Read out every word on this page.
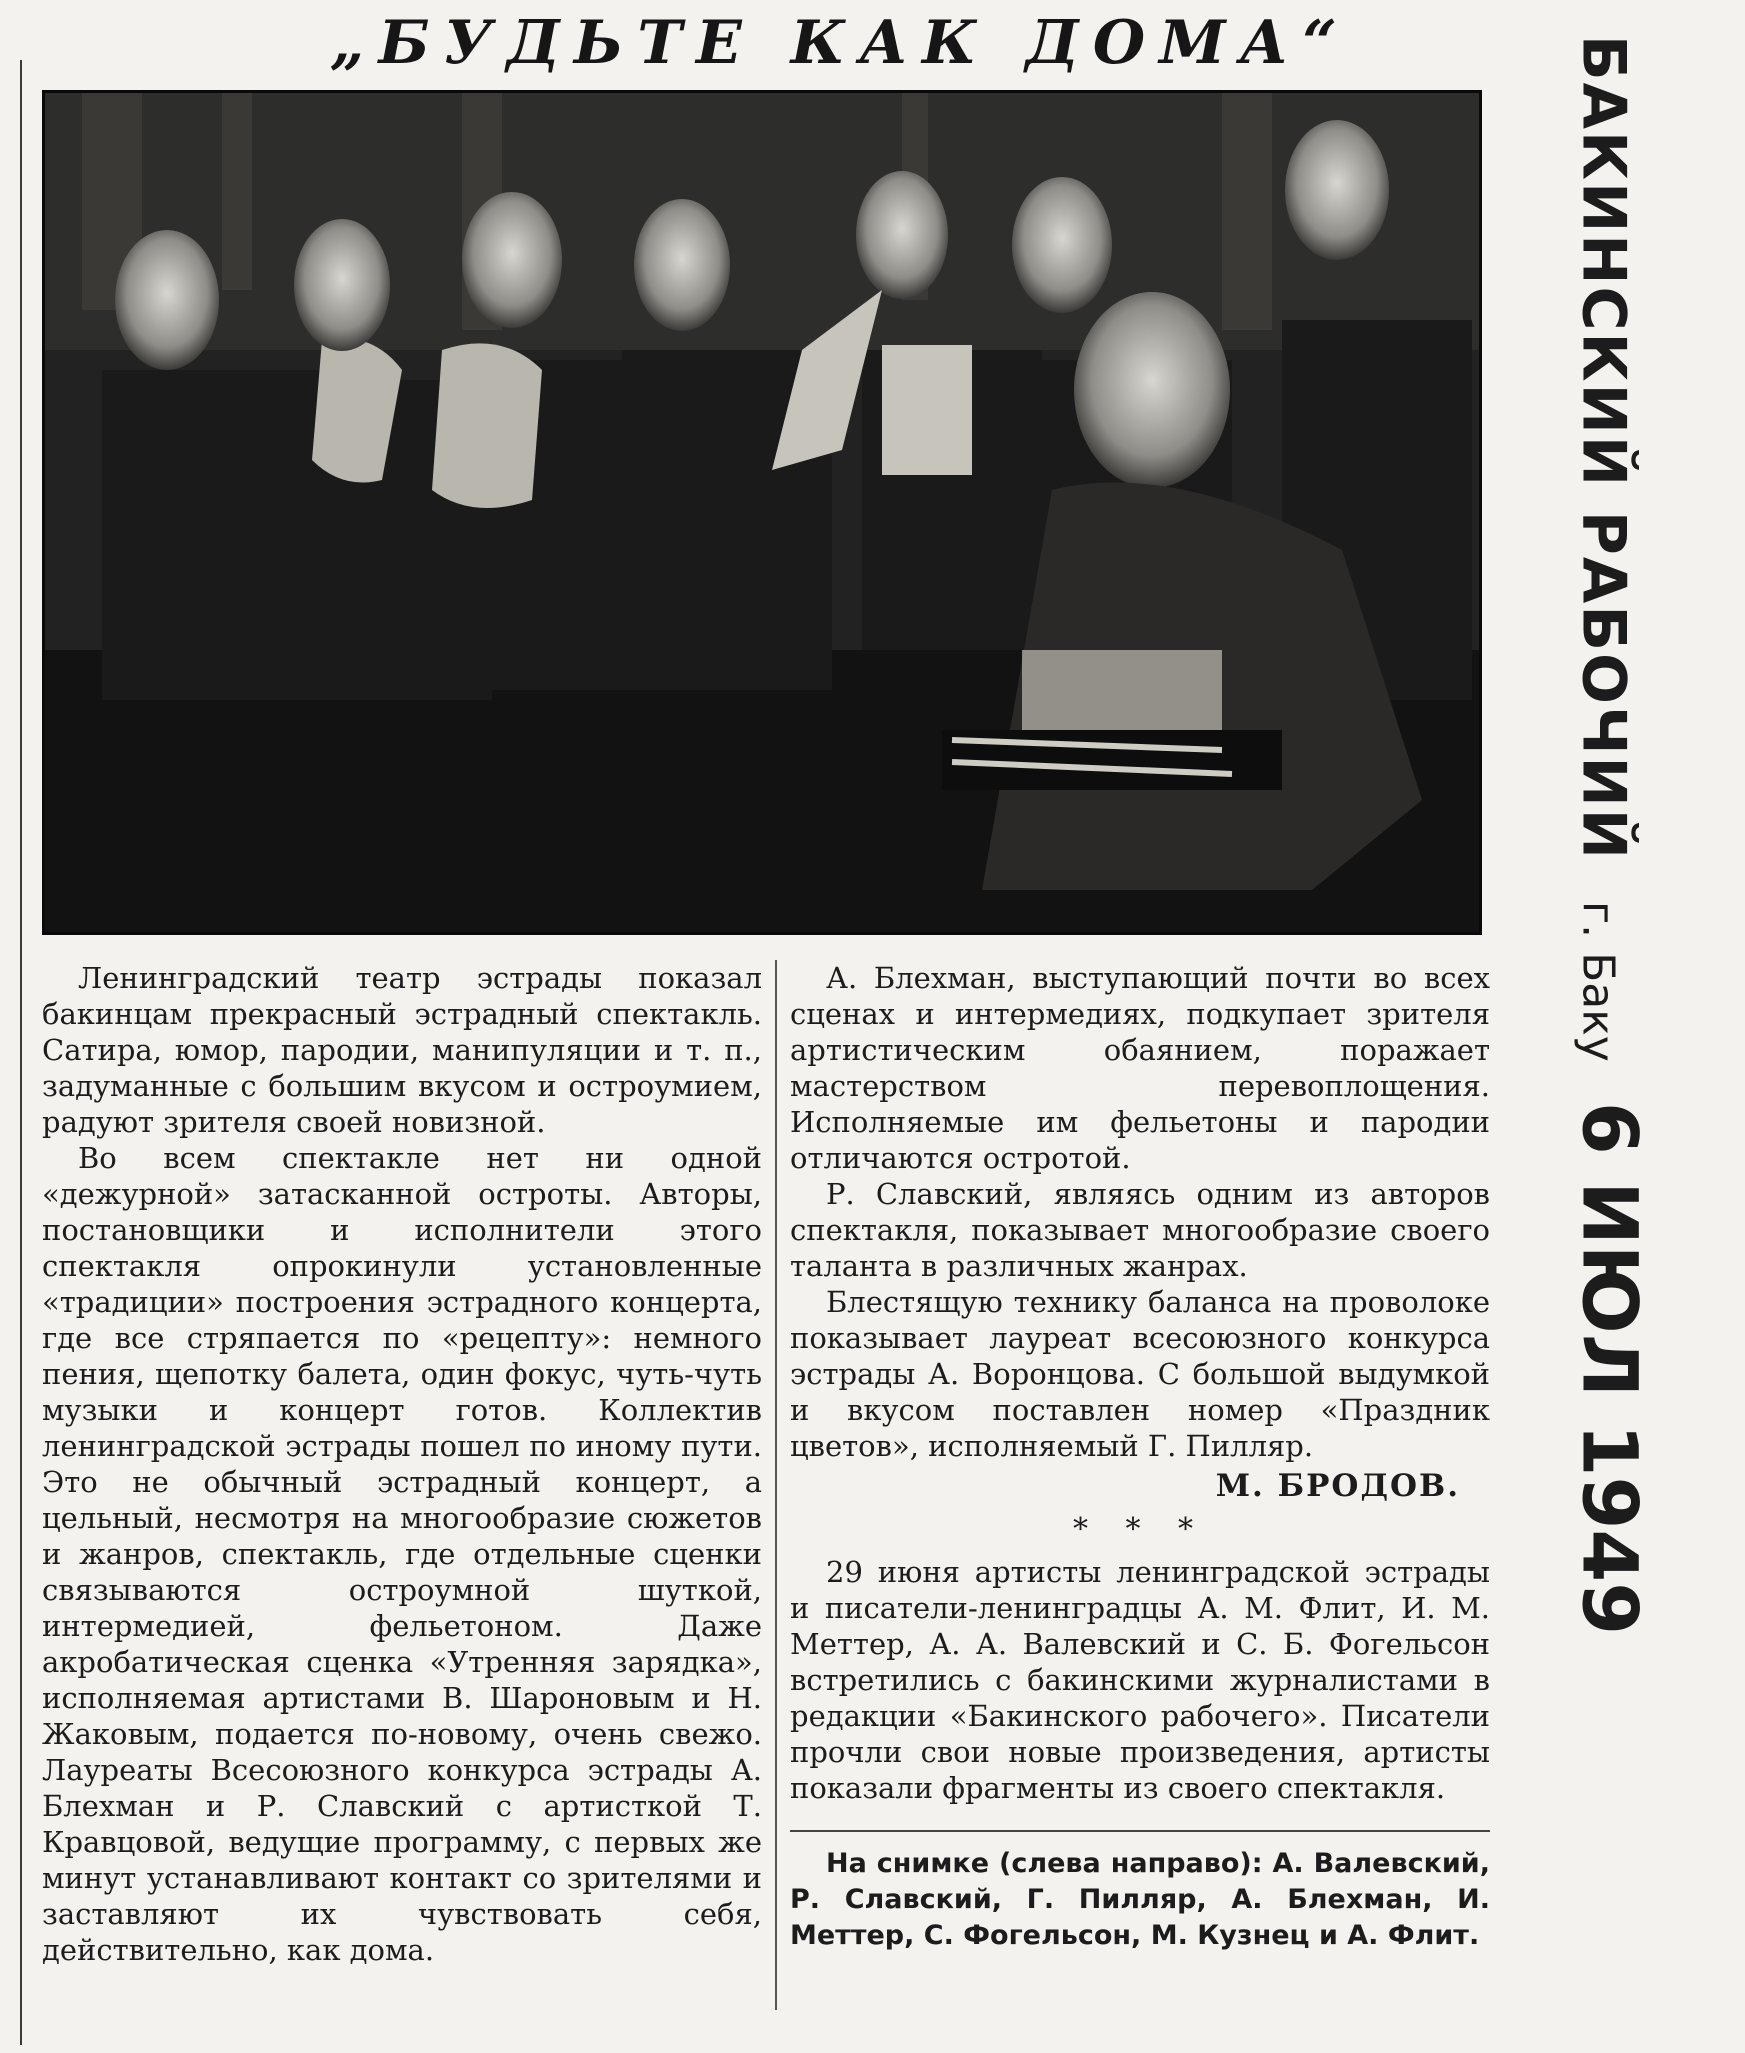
„БУДЬТЕ КАК ДОМА“	БАКИНСКИЙ РАБОЧИЙ
г. Баку
6 ИЮЛ 1949

Ленинградский театр эстрады показал бакинцам прекрасный эстрадный спектакль. Сатира, юмор, пародии, манипуляции и т. п., задуманные с большим вкусом и остроумием, радуют зрителя своей новизной.

Во всем спектакле нет ни одной «дежурной» затасканной остроты. Авторы, постановщики и исполнители этого спектакля опрокинули установленные «традиции» построения эстрадного концерта, где все стряпается по «рецепту»: немного пения, щепотку балета, один фокус, чуть-чуть музыки и концерт готов. Коллектив ленинградской эстрады пошел по иному пути. Это не обычный эстрадный концерт, а цельный, несмотря на многообразие сюжетов и жанров, спектакль, где отдельные сценки связываются остроумной шуткой, интермедией, фельетоном. Даже акробатическая сценка «Утренняя зарядка», исполняемая артистами В. Шароновым и Н. Жаковым, подается по-новому, очень свежо. Лауреаты Всесоюзного конкурса эстрады А. Блехман и Р. Славский с артисткой Т. Кравцовой, ведущие программу, с первых же минут устанавливают контакт со зрителями и заставляют их чувствовать себя, действительно, как дома.

А. Блехман, выступающий почти во всех сценах и интермедиях, подкупает зрителя артистическим обаянием, поражает мастерством перевоплощения. Исполняемые им фельетоны и пародии отличаются остротой.

Р. Славский, являясь одним из авторов спектакля, показывает многообразие своего таланта в различных жанрах.

Блестящую технику баланса на проволоке показывает лауреат всесоюзного конкурса эстрады А. Воронцова. С большой выдумкой и вкусом поставлен номер «Праздник цветов», исполняемый Г. Пилляр.

М. БРОДОВ.
* * *

29 июня артисты ленинградской эстрады и писатели-ленинградцы А. М. Флит, И. М. Меттер, А. А. Валевский и С. Б. Фогельсон встретились с бакинскими журналистами в редакции «Бакинского рабочего». Писатели прочли свои новые произведения, артисты показали фрагменты из своего спектакля.

На снимке (слева направо): А. Валевский, Р. Славский, Г. Пилляр, А. Блехман, И. Меттер, С. Фогельсон, М. Кузнец и А. Флит.
